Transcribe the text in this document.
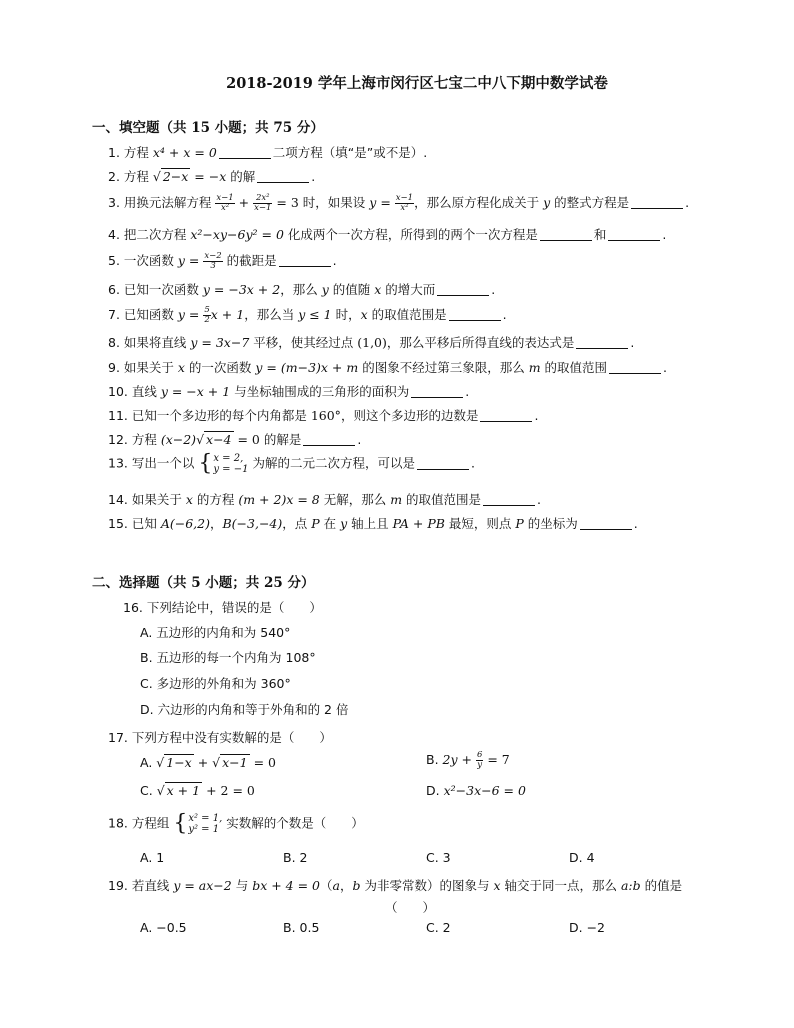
2018-2019 学年上海市闵行区七宝二中八下期中数学试卷
一、填空题（共 15 小题；共 75 分）
1. 方程 x⁴ + x = 0	二项方程（填“是”或不是）.
2. 方程 √ 2−x = −x 的解	.
3. 用换元法解方程 $\frac{x-1}{\text{x²}} + \frac{\text{2x²}}{x-1} = 3$ 时，如果设 $y = \frac{x-1}{\text{x²}}$ ，那么原方程化成关于 y 的整式方程是	.
4. 把二次方程 x²−xy−6y² = 0 化成两个一次方程，所得到的两个一次方程是	和	.
5. 一次函数 $y = \frac{x-2}{3}$ 的截距是	.
6. 已知一次函数 y = −3x + 2，那么 y 的值随 x 的增大而	.
7. 已知函数 $y = \frac{5}{2}$ x + 1，那么当 y ≤ 1 时，x 的取值范围是	.
8. 如果将直线 y = 3x−7 平移，使其经过点 (1,0)，那么平移后所得直线的表达式是	.
9. 如果关于 x 的一次函数 y = (m−3)x + m 的图象不经过第三象限，那么 m 的取值范围	.
10. 直线 y = −x + 1 与坐标轴围成的三角形的面积为	.
11. 已知一个多边形的每个内角都是 160°，则这个多边形的边数是	.
12. 方程 (x−2)√ x−4 = 0 的解是	.
13. 写出一个以 { x = 2,
y = −1 为解的二元二次方程，可以是	.
14. 如果关于 x 的方程 (m + 2)x = 8 无解，那么 m 的取值范围是	.
15. 已知 A(−6,2)，B(−3,−4)，点 P 在 y 轴上且 PA + PB 最短，则点 P 的坐标为	.
二、选择题（共 5 小题；共 25 分）
16. 下列结论中，错误的是（　　）
A. 五边形的内角和为 540°
B. 五边形的每一个内角为 108°
C. 多边形的外角和为 360°
D. 六边形的内角和等于外角和的 2 倍
17. 下列方程中没有实数解的是（　　）
A. √ 1−x + √ x−1 = 0	B. $2y + \frac{6}{y} = 7$
C. √ x + 1 + 2 = 0	D. x²−3x−6 = 0
18. 方程组 { x² = 1,
y² = 1 实数解的个数是（　　）
A. 1	B. 2	C. 3	D. 4
19. 若直线 y = ax−2 与 bx + 4 = 0（a，b 为非零常数）的图象与 x 轴交于同一点，那么 a:b 的值是
（　　）
A. −0.5	B. 0.5	C. 2	D. −2
